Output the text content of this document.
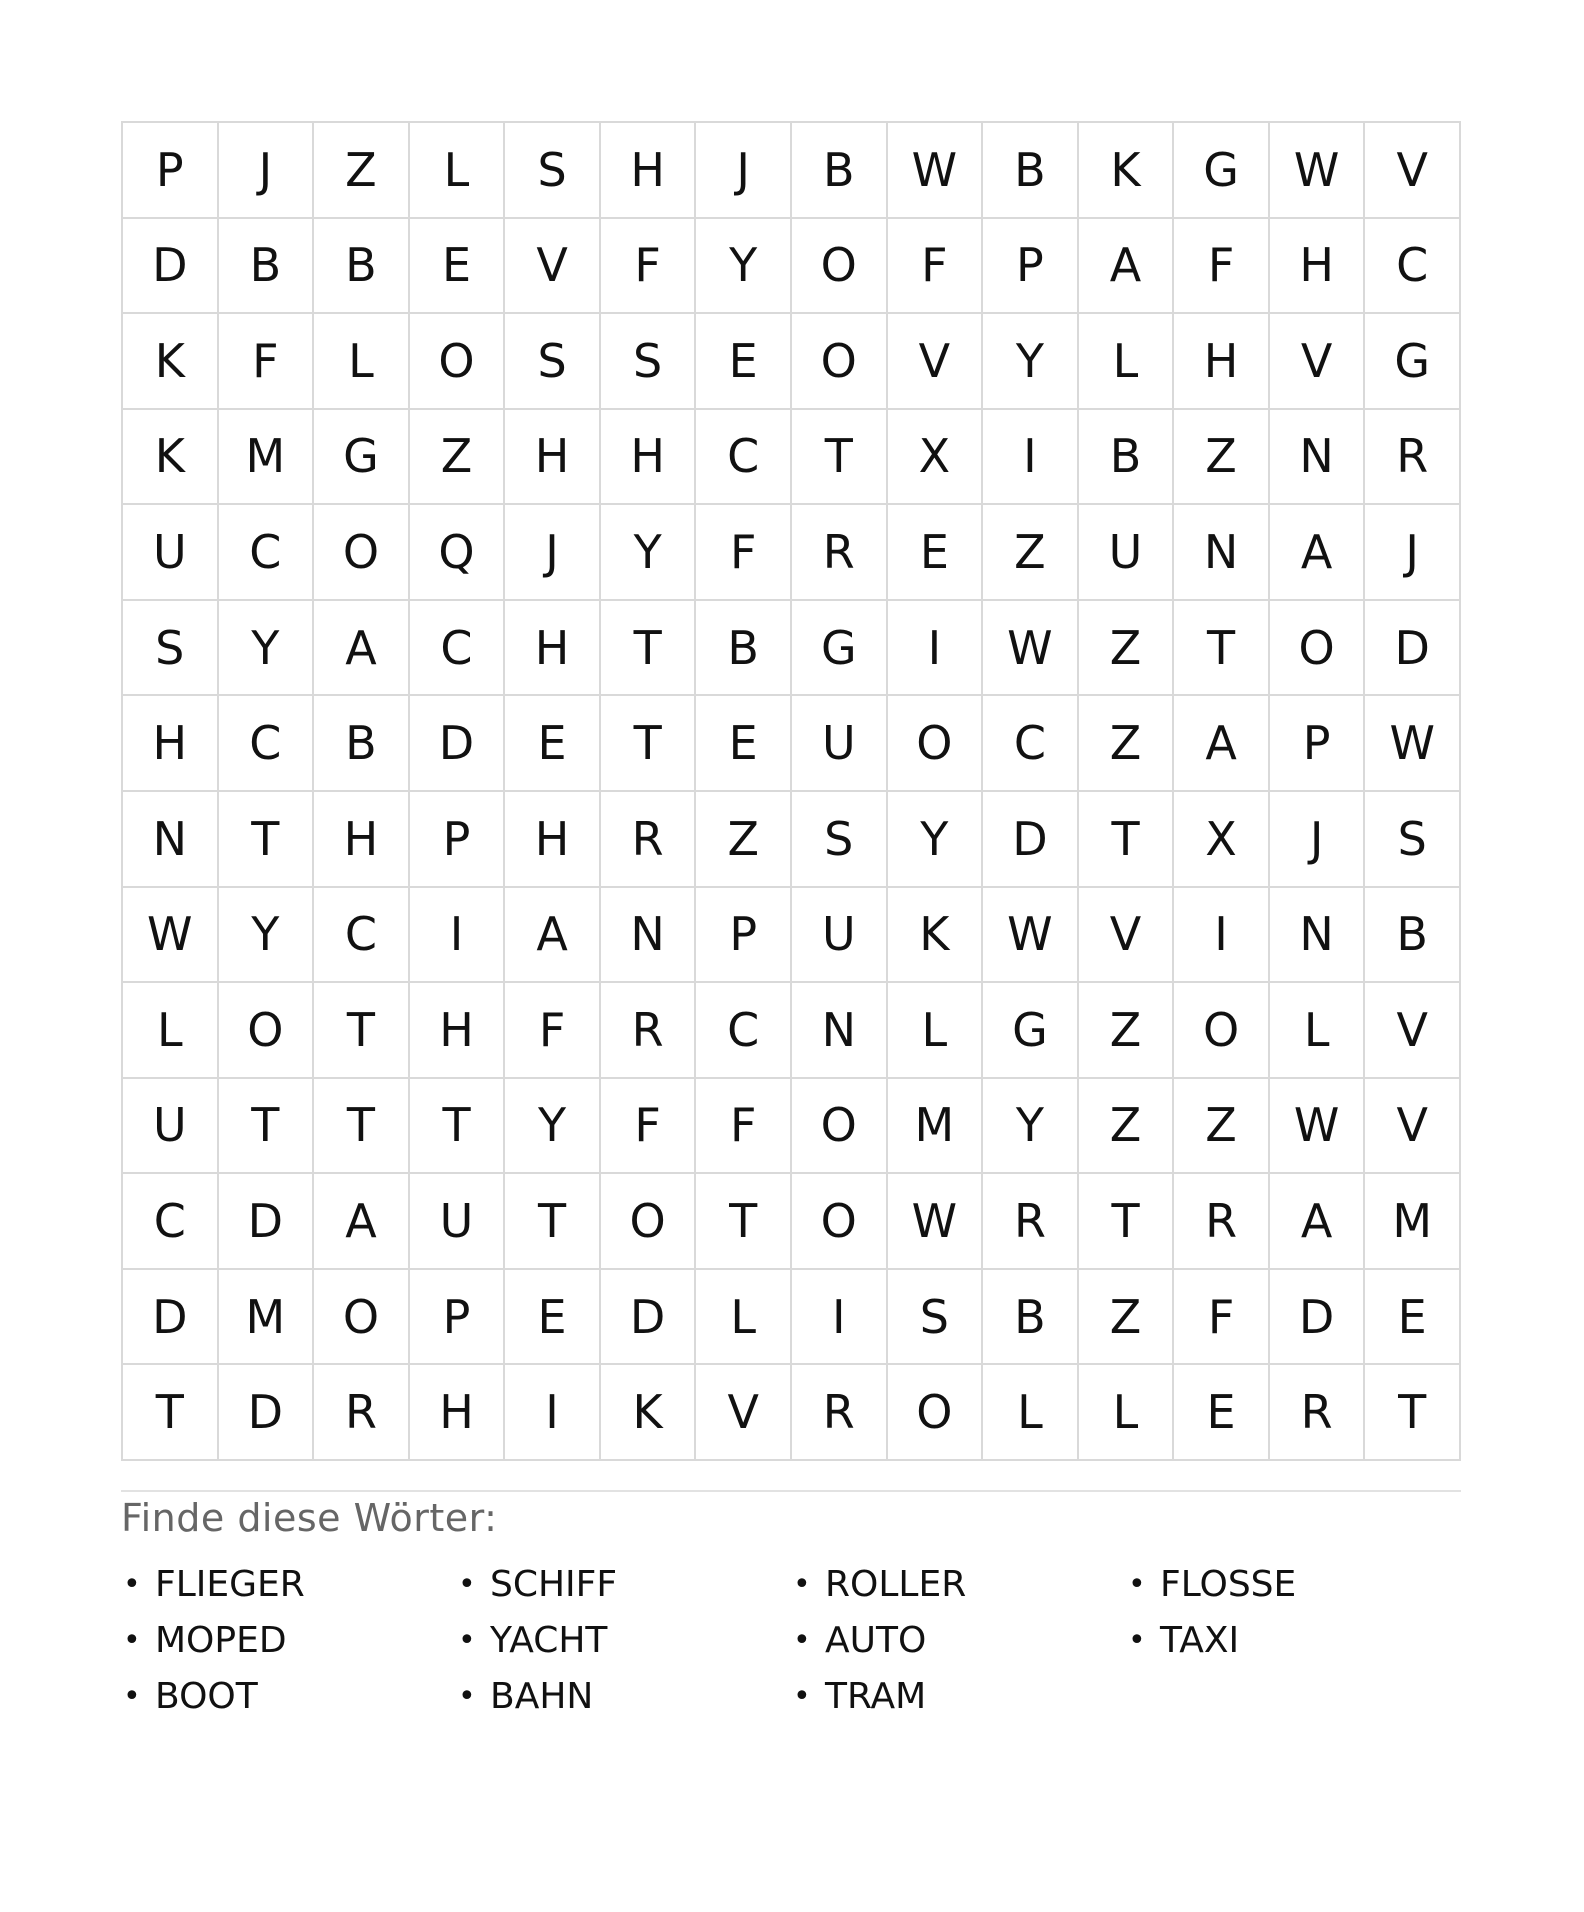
P	J	Z	L	S	H	J	B	W	B	K	G	W	V
D	B	B	E	V	F	Y	O	F	P	A	F	H	C
K	F	L	O	S	S	E	O	V	Y	L	H	V	G
K	M	G	Z	H	H	C	T	X	I	B	Z	N	R
U	C	O	Q	J	Y	F	R	E	Z	U	N	A	J
S	Y	A	C	H	T	B	G	I	W	Z	T	O	D
H	C	B	D	E	T	E	U	O	C	Z	A	P	W
N	T	H	P	H	R	Z	S	Y	D	T	X	J	S
W	Y	C	I	A	N	P	U	K	W	V	I	N	B
L	O	T	H	F	R	C	N	L	G	Z	O	L	V
U	T	T	T	Y	F	F	O	M	Y	Z	Z	W	V
C	D	A	U	T	O	T	O	W	R	T	R	A	M
D	M	O	P	E	D	L	I	S	B	Z	F	D	E
T	D	R	H	I	K	V	R	O	L	L	E	R	T
Finde diese Wörter:
• FLIEGER	• SCHIFF	• ROLLER	• FLOSSE
• MOPED	• YACHT	• AUTO	• TAXI
• BOOT	• BAHN	• TRAM
